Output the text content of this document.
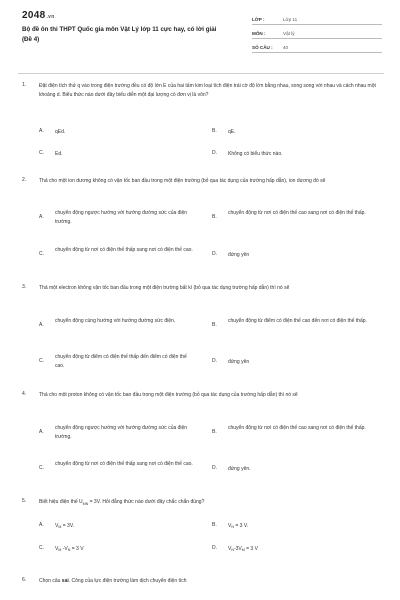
2048.vn
Bộ đề ôn thi THPT Quốc gia môn Vật Lý lớp 11 cực hay, có lời giải (Đề 4)
LỚP :	Lớp 11
MÔN :	Vật lý
SỐ CÂU :	40
1.	Đặt điện tích thử q vào trong điện trường đều có độ lớn E của hai tấm kim loại tích điện trái cờ độ lớn bằng nhau, song song với nhau và cách nhau một khoảng d. Biểu thức nào dưới đây biểu diễn một đại lượng có đơn vị là vôn?
A. qEd.	B. qE.
C. Ed.	D. Không có biểu thức nào.
2.	Thả cho một ion dương không có vận tốc ban đầu trong một điện trường (bỏ qua tác dụng của trường hấp dẫn), ion dương đó sẽ
A.
chuyển động ngược hướng với hướng đường sức của điện trường.
B.
chuyển động từ nơi có điện thế cao sang nơi có điện thế thấp.
C.
chuyển động từ nơi có điện thế thấp sang nơi có điện thế cao.
D. đứng yên
3.	Thả một electron không vận tốc ban đầu trong một điện trường bất kì (bỏ qua tác dụng trường hấp dẫn) thì nó sẽ
A.
chuyển động cùng hướng với hướng đường sức điện.
B.
chuyển động từ điểm có điện thế cao đến nơi có điện thế thấp.
C.
chuyển động từ điểm có điện thế thấp đến điểm có điện thế cao.
D. đứng yên
4.	Thả cho một proton không có vận tốc ban đầu trong một điện trường (bỏ qua tác dụng của trường hấp dẫn) thì nó sẽ
A.
chuyển động ngược hướng với hướng đường sức của điện trường.
B.
chuyển động từ nơi có điện thế cao sang nơi có điện thế thấp.
C.
chuyển động từ nơi có điện thế thấp sang nơi có điện thế cao.
D. đứng yên.
5.	Biết hiệu điện thế $U_{MN} = 3V$. Hỏi đẳng thức nào dưới đây chắc chắn đúng?
A. $V_M = 3V$.	B. $V_N = 3$ V.
C. $V_M$ $-V_N = 3$ V	D. $V_N-3V_M = 3$ V
6.	Chọn câu sai. Công của lực điện trường làm dịch chuyển điện tích
